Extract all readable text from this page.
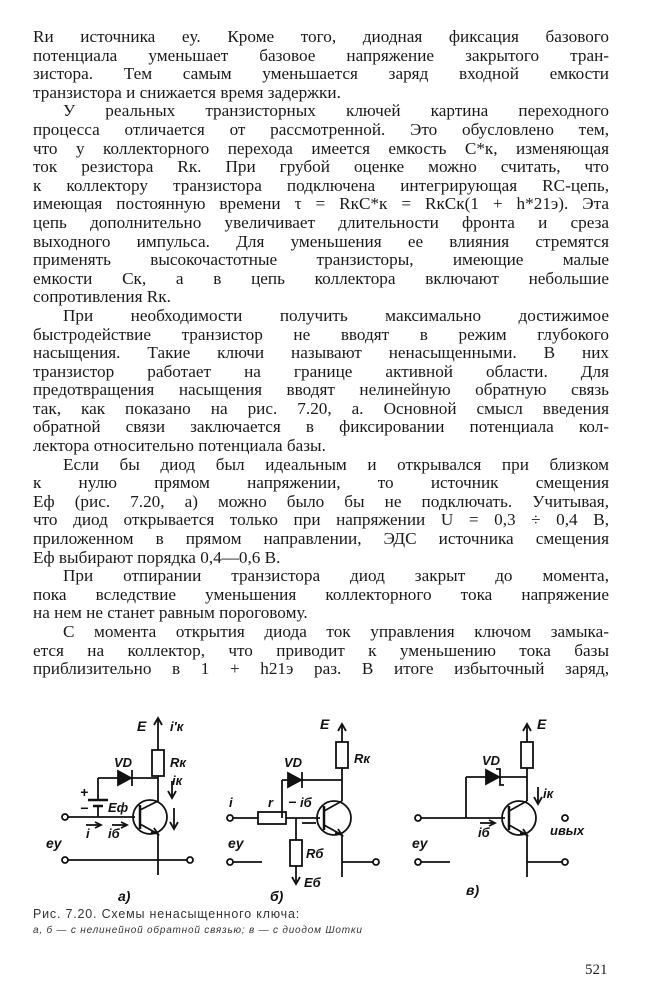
Rи источника eу. Кроме того, диодная фиксация базового
потенциала уменьшает базовое напряжение закрытого тран-
зистора. Тем самым уменьшается заряд входной емкости
транзистора и снижается время задержки.

У реальных транзисторных ключей картина переходного
процесса отличается от рассмотренной. Это обусловлено тем,
что у коллекторного перехода имеется емкость C*к, изменяющая
ток резистора Rк. При грубой оценке можно считать, что
к коллектору транзистора подключена интегрирующая RC-цепь,
имеющая постоянную времени τ = RкC*к = RкCк(1 + h*21э). Эта
цепь дополнительно увеличивает длительности фронта и среза
выходного импульса. Для уменьшения ее влияния стремятся
применять высокочастотные транзисторы, имеющие малые
емкости Cк, а в цепь коллектора включают небольшие
сопротивления Rк.

При необходимости получить максимально достижимое
быстродействие транзистор не вводят в режим глубокого
насыщения. Такие ключи называют ненасыщенными. В них
транзистор работает на границе активной области. Для
предотвращения насыщения вводят нелинейную обратную связь
так, как показано на рис. 7.20, а. Основной смысл введения
обратной связи заключается в фиксировании потенциала кол-
лектора относительно потенциала базы.

Если бы диод был идеальным и открывался при близком
к нулю прямом напряжении, то источник смещения
Eф (рис. 7.20, а) можно было бы не подключать. Учитывая,
что диод открывается только при напряжении U = 0,3 ÷ 0,4 В,
приложенном в прямом направлении, ЭДС источника смещения
Eф выбирают порядка 0,4—0,6 В.

При отпирании транзистора диод закрыт до момента,
пока вследствие уменьшения коллекторного тока напряжение
на нем не станет равным пороговому.

С момента открытия диода ток управления ключом замыка-
ется на коллектор, что приводит к уменьшению тока базы
приблизительно в 1 + h21э раз. В итоге избыточный заряд,

E i′к
VD	Rк
iк
+
− Eф
eу
i iб
а)
E
VD	Rк
i	r − iб
eу
Rб
Eб
б)
E
VD
iк
iб
eу
uвых
в)
Рис. 7.20. Схемы ненасыщенного ключа:
а, б — с нелинейной обратной связью; в — с диодом Шотки
521
